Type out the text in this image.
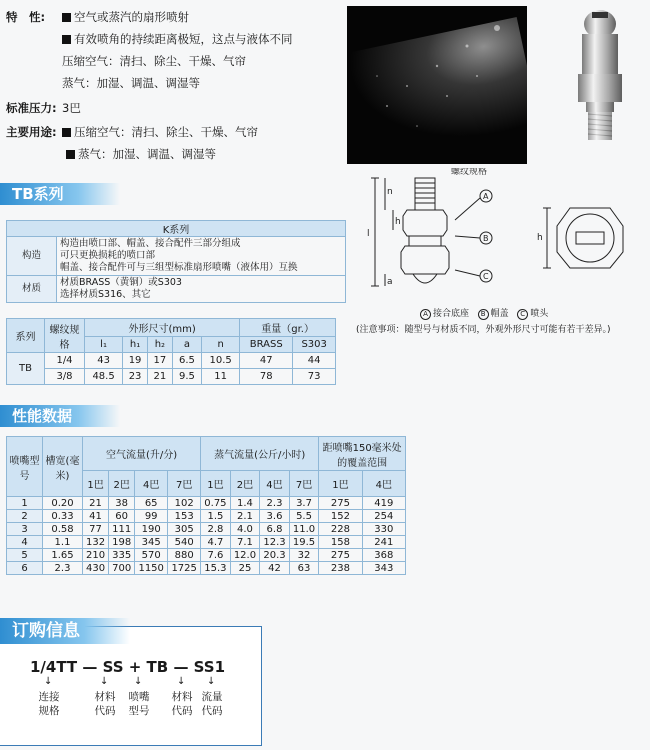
特　性:	空气或蒸汽的扇形喷射
有效喷角的持续距离极短，这点与液体不同
压缩空气：清扫、除尘、干燥、气帘
蒸气：加湿、调温、调湿等
标准压力: 3巴
主要用途:	压缩空气：清扫、除尘、干燥、气帘
蒸气：加湿、调温、调湿等
螺纹规格
n
h
l
a
h
A
B
C
A 接合底座 B 帽盖 C 喷头
(注意事项：随型号与材质不同，外观外形尺寸可能有若干差异。)
TB系列
K系列	
构造	构造由喷口部、帽盖、接合配件三部分组成
可只更换损耗的喷口部
帽盖、接合配件可与三组型标准扇形喷嘴（液体用）互换

材质	材质BRASS（黄铜）或S303
选择材质S316、其它
系列	螺纹规格	外形尺寸(mm)					重量（gr.）	
		l₁	h₁	h₂	a	n	BRASS	S303
TB	1/4	43	19	17	6.5	10.5	47	44
	3/8	48.5	23	21	9.5	11	78	73
性能数据
喷嘴型号	槽宽(毫米)	空气流量(升/分)				蒸气流量(公斤/小时)				距喷嘴150毫米处的覆盖范围	
		1巴	2巴	4巴	7巴	1巴	2巴	4巴	7巴	1巴	4巴
1	0.20	21	38	65	102	0.75	1.4	2.3	3.7	275	419
2	0.33	41	60	99	153	1.5	2.1	3.6	5.5	152	254
3	0.58	77	111	190	305	2.8	4.0	6.8	11.0	228	330
4	1.1	132	198	345	540	4.7	7.1	12.3	19.5	158	241
5	1.65	210	335	570	880	7.6	12.0	20.3	32	275	368
6	2.3	430	700	1150	1725	15.3	25	42	63	238	343
订购信息
1/4TT — SS + TB — SS1
↓	↓	↓	↓ ↓
连接规格
材料代码
喷嘴型号
材料代码
流量代码
